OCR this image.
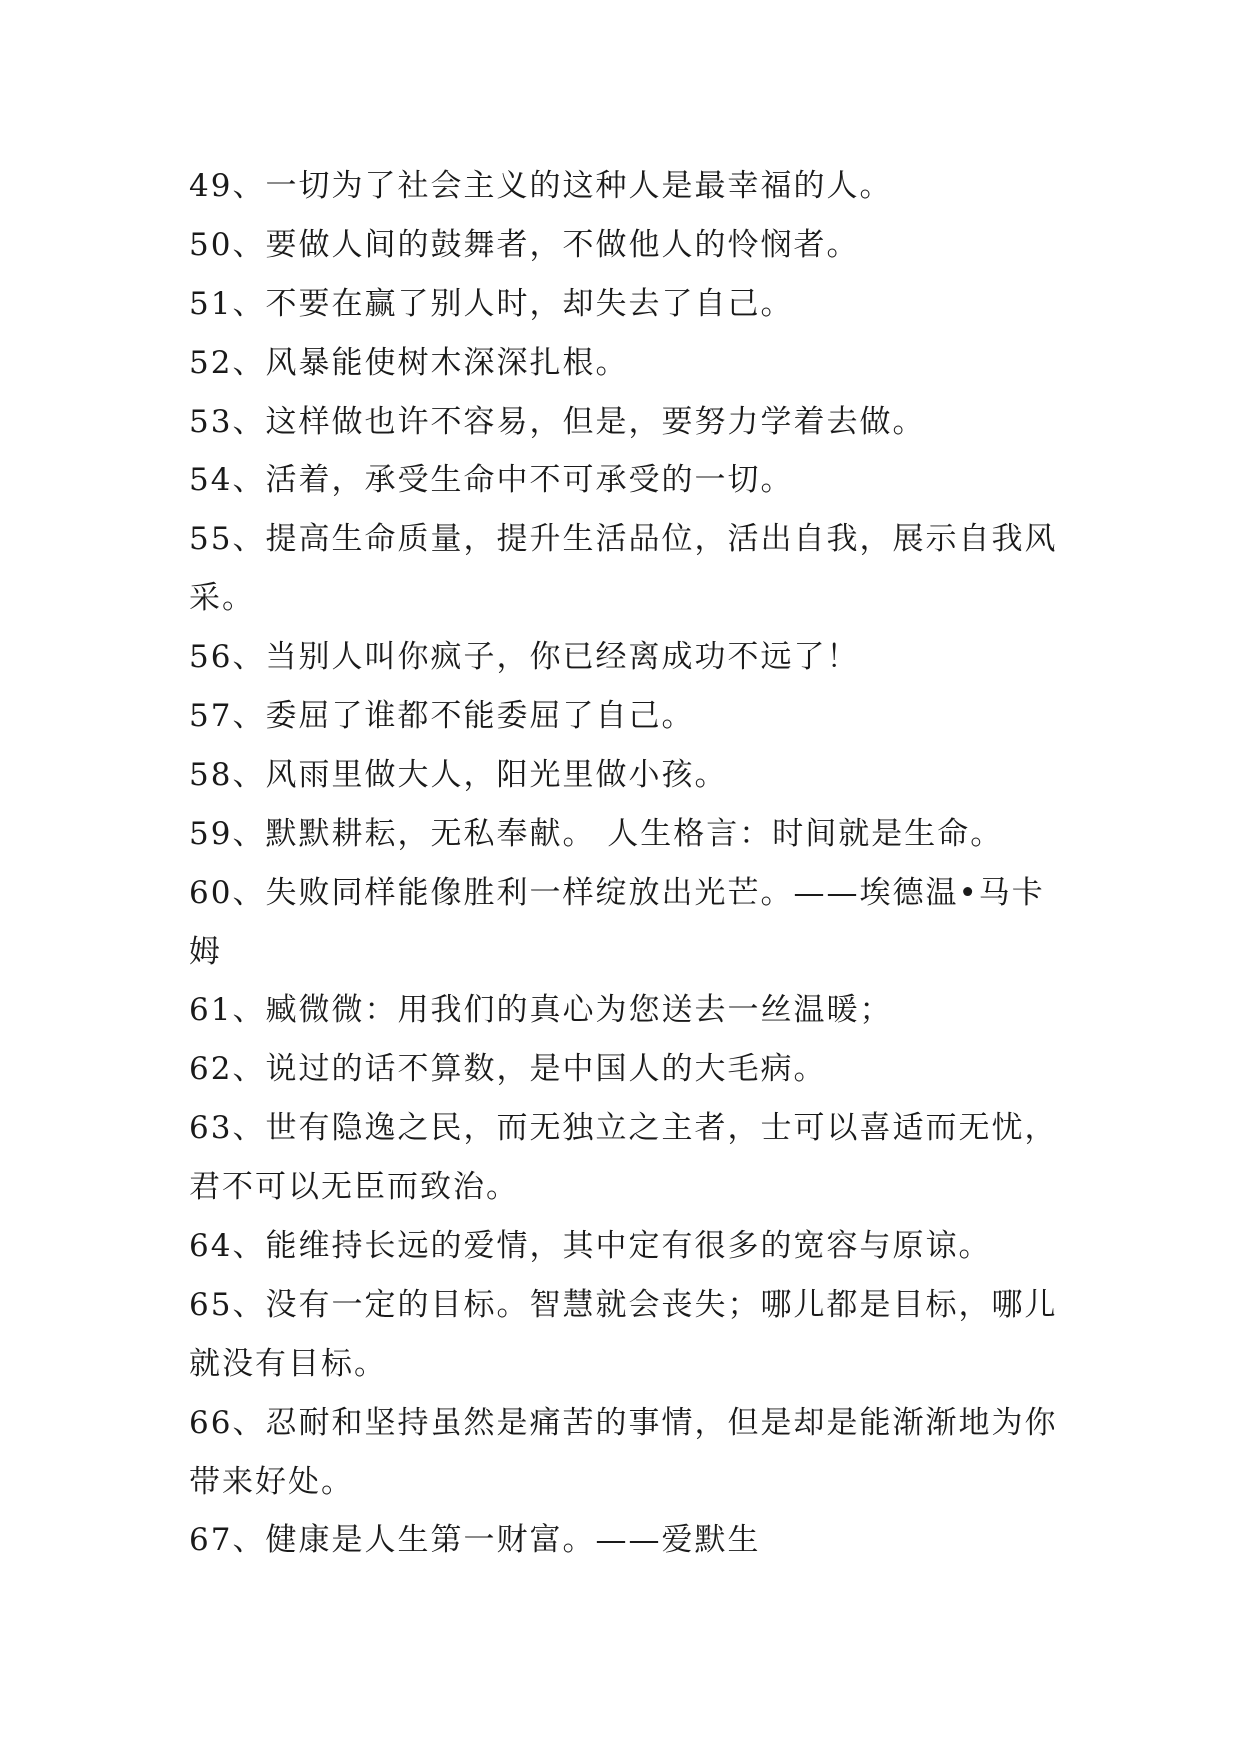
49、一切为了社会主义的这种人是最幸福的人。
50、要做人间的鼓舞者，不做他人的怜悯者。
51、不要在赢了别人时，却失去了自己。
52、风暴能使树木深深扎根。
53、这样做也许不容易，但是，要努力学着去做。
54、活着，承受生命中不可承受的一切。
55、提高生命质量，提升生活品位，活出自我，展示自我风
采。
56、当别人叫你疯子，你已经离成功不远了！
57、委屈了谁都不能委屈了自己。
58、风雨里做大人，阳光里做小孩。
59、默默耕耘，无私奉献。 人生格言：时间就是生命。
60、失败同样能像胜利一样绽放出光芒。——埃德温•马卡
姆
61、臧微微：用我们的真心为您送去一丝温暖；
62、说过的话不算数，是中国人的大毛病。
63、世有隐逸之民，而无独立之主者，士可以喜适而无忧，
君不可以无臣而致治。
64、能维持长远的爱情，其中定有很多的宽容与原谅。
65、没有一定的目标。智慧就会丧失；哪儿都是目标，哪儿
就没有目标。
66、忍耐和坚持虽然是痛苦的事情，但是却是能渐渐地为你
带来好处。
67、健康是人生第一财富。——爱默生
